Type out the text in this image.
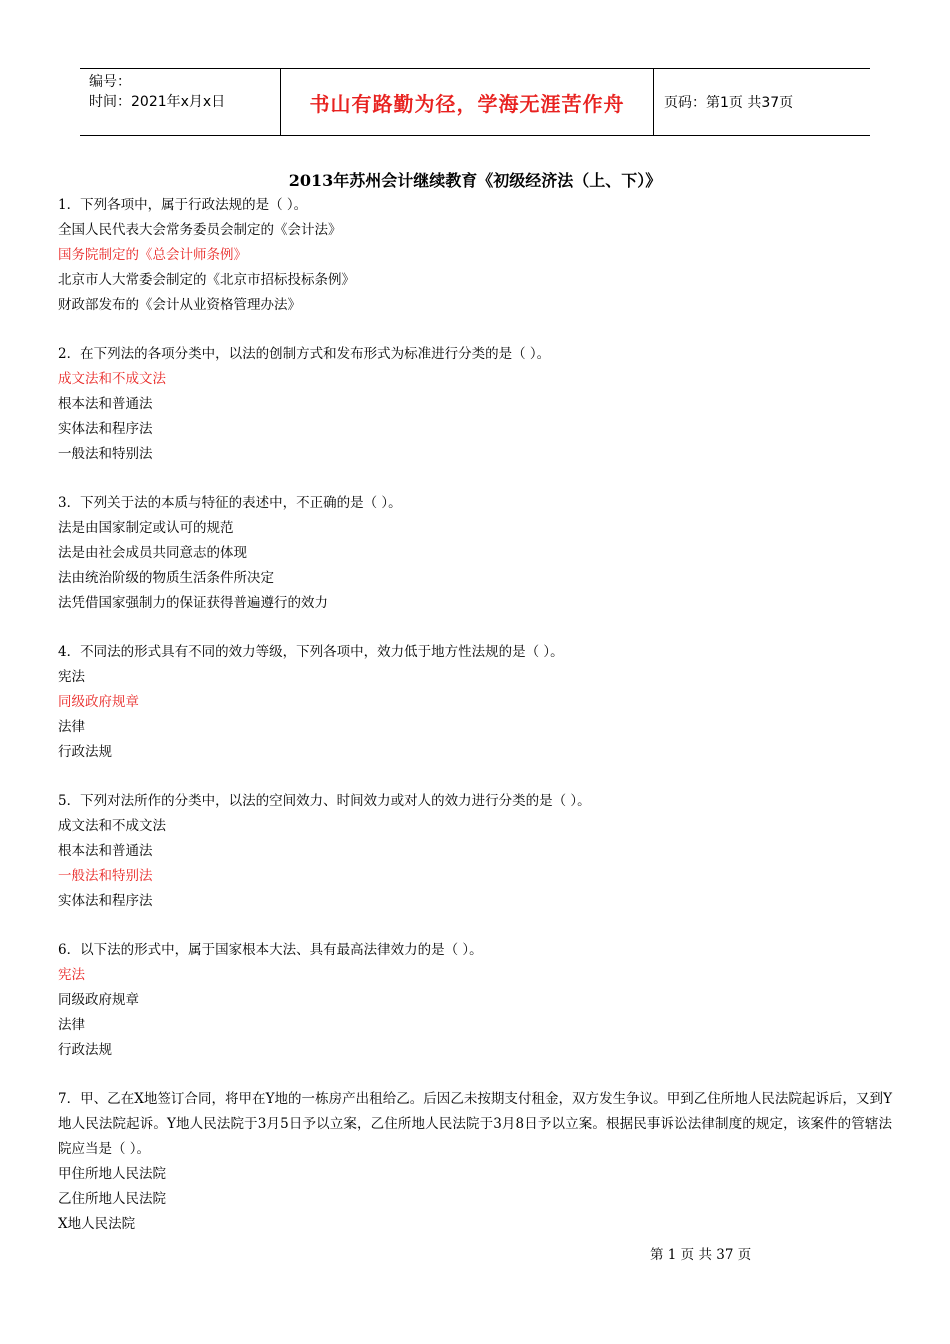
编号：
时间：2021年x月x日	书山有路勤为径，学海无涯苦作舟	页码：第1页 共37页
2013年苏州会计继续教育《初级经济法（上、下）》

1．下列各项中，属于行政法规的是（ ）。

全国人民代表大会常务委员会制定的《会计法》

国务院制定的《总会计师条例》

北京市人大常委会制定的《北京市招标投标条例》

财政部发布的《会计从业资格管理办法》

2．在下列法的各项分类中，以法的创制方式和发布形式为标准进行分类的是（ ）。

成文法和不成文法

根本法和普通法

实体法和程序法

一般法和特别法

3．下列关于法的本质与特征的表述中，不正确的是（ ）。

法是由国家制定或认可的规范

法是由社会成员共同意志的体现

法由统治阶级的物质生活条件所决定

法凭借国家强制力的保证获得普遍遵行的效力

4．不同法的形式具有不同的效力等级，下列各项中，效力低于地方性法规的是（ ）。

宪法

同级政府规章

法律

行政法规

5．下列对法所作的分类中，以法的空间效力、时间效力或对人的效力进行分类的是（ ）。

成文法和不成文法

根本法和普通法

一般法和特别法

实体法和程序法

6．以下法的形式中，属于国家根本大法、具有最高法律效力的是（ ）。

宪法

同级政府规章

法律

行政法规

7．甲、乙在X地签订合同，将甲在Y地的一栋房产出租给乙。后因乙未按期支付租金，双方发生争议。甲到乙住所地人民法院起诉后，又到Y地人民法院起诉。Y地人民法院于3月5日予以立案，乙住所地人民法院于3月8日予以立案。根据民事诉讼法律制度的规定，该案件的管辖法院应当是（ ）。

甲住所地人民法院

乙住所地人民法院

X地人民法院

第 1 页 共 37 页
